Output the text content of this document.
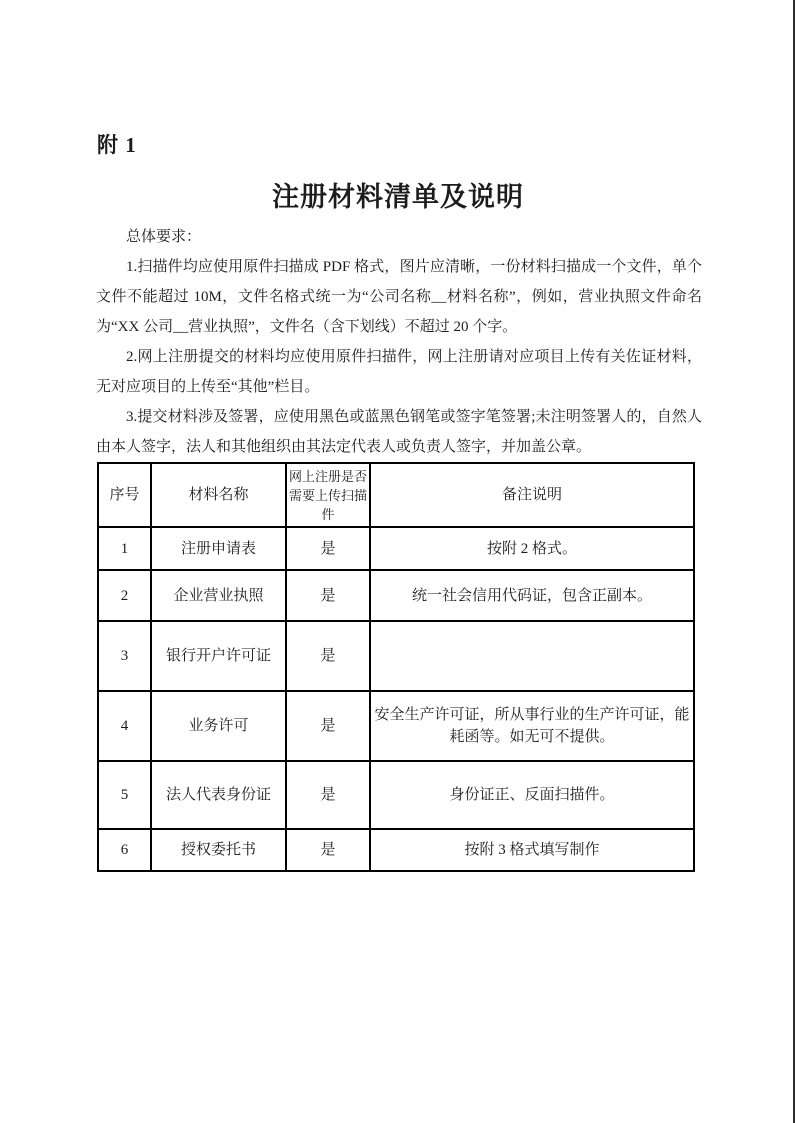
附 1
注册材料清单及说明

总体要求：

1.扫描件均应使用原件扫描成 PDF 格式，图片应清晰，一份材料扫描成一个文件，单个文件不能超过 10M，文件名格式统一为“公司名称__材料名称”，例如，营业执照文件命名为“XX 公司__营业执照”，文件名（含下划线）不超过 20 个字。

2.网上注册提交的材料均应使用原件扫描件，网上注册请对应项目上传有关佐证材料，无对应项目的上传至“其他”栏目。

3.提交材料涉及签署，应使用黑色或蓝黑色钢笔或签字笔签署;未注明签署人的，自然人由本人签字，法人和其他组织由其法定代表人或负责人签字，并加盖公章。

序号	材料名称	网上注册是否需要上传扫描件	备注说明
1	注册申请表	是	按附 2 格式。
2	企业营业执照	是	统一社会信用代码证，包含正副本。
3	银行开户许可证	是	
4	业务许可	是	安全生产许可证，所从事行业的生产许可证，能耗函等。如无可不提供。
5	法人代表身份证	是	身份证正、反面扫描件。
6	授权委托书	是	按附 3 格式填写制作
